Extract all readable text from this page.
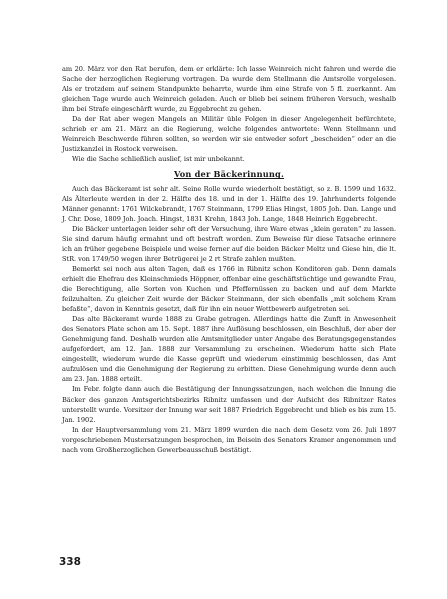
am 20. März vor den Rat berufen, dem er erklärte: Ich lasse Weinreich nicht fahren und werde die Sache der herzoglichen Regierung vortragen. Da wurde dem Stellmann die Amtsrolle vorgelesen. Als er trotzdem auf seinem Standpunkte beharrte, wurde ihm eine Strafe von 5 fl. zuerkannt. Am gleichen Tage wurde auch Weinreich geladen. Auch er blieb bei seinem früheren Versuch, weshalb ihm bei Strafe eingeschärft wurde, zu Eggebrecht zu gehen.

Da der Rat aber wegen Mangels an Militär üble Folgen in dieser Angelegenheit befürchtete, schrieb er am 21. März an die Regierung, welche folgendes antwortete: Wenn Stellmann und Weinreich Beschwerde führen sollten, so werden wir sie entweder sofort „bescheiden“ oder an die Justizkanzlei in Rostock verweisen.

Wie die Sache schließlich auslief, ist mir unbekannt.

Von der Bäckerinnung.

Auch das Bäckeramt ist sehr alt. Seine Rolle wurde wiederholt bestätigt, so z. B. 1599 und 1632. Als Älterleute werden in der 2. Hälfte des 18. und in der 1. Hälfte des 19. Jahrhunderts folgende Männer genannt: 1761 Wilckebrandt, 1767 Steinmann, 1799 Elias Hingst, 1805 Joh. Dan. Lange und J. Chr. Dose, 1809 Joh. Joach. Hingst, 1831 Krehn, 1843 Joh. Lange, 1848 Heinrich Eggebrecht.

Die Bäcker unterlagen leider sehr oft der Versuchung, ihre Ware etwas „klein geraten“ zu lassen. Sie sind darum häufig ermahnt und oft bestraft worden. Zum Beweise für diese Tatsache erinnere ich an früher gegebene Beispiele und weise ferner auf die beiden Bäcker Meltz und Giese hin, die lt. StR. von 1749/50 wegen ihrer Betrügerei je 2 rt Strafe zahlen mußten.

Bemerkt sei noch aus alten Tagen, daß es 1766 in Ribnitz schon Konditoren gab. Denn damals erhielt die Ehefrau des Kleinschmieds Höppner, offenbar eine geschäftstüchtige und gewandte Frau, die Berechtigung, alle Sorten von Kuchen und Pfeffernüssen zu backen und auf dem Markte feilzuhalten. Zu gleicher Zeit wurde der Bäcker Steinmann, der sich ebenfalls „mit solchem Kram befaßte“, davon in Kenntnis gesetzt, daß für ihn ein neuer Wettbewerb aufgetreten sei.

Das alte Bäckeramt wurde 1888 zu Grabe getragen. Allerdings hatte die Zunft in Anwesenheit des Senators Plate schon am 15. Sept. 1887 ihre Auflösung beschlossen, ein Beschluß, der aber der Genehmigung fand. Deshalb wurden alle Amtsmitglieder unter Angabe des Beratungsgegenstandes aufgefordert, am 12. Jan. 1888 zur Versammlung zu erscheinen. Wiederum hatte sich Plate eingestellt, wiederum wurde die Kasse geprüft und wiederum einstimmig beschlossen, das Amt aufzulösen und die Genehmigung der Regierung zu erbitten. Diese Genehmigung wurde denn auch am 23. Jan. 1888 erteilt.

Im Febr. folgte dann auch die Bestätigung der Innungssatzungen, nach welchen die Innung die Bäcker des ganzen Amtsgerichtsbezirks Ribnitz umfassen und der Aufsicht des Ribnitzer Rates unterstellt wurde. Vorsitzer der Innung war seit 1887 Friedrich Eggebrecht und blieb es bis zum 15. Jan. 1902.

In der Hauptversammlung vom 21. März 1899 wurden die nach dem Gesetz vom 26. Juli 1897 vorgeschriebenen Mustersatzungen besprochen, im Beisein des Senators Kramer angenommen und nach vom Großherzoglichen Gewerbeausschuß bestätigt.

338
